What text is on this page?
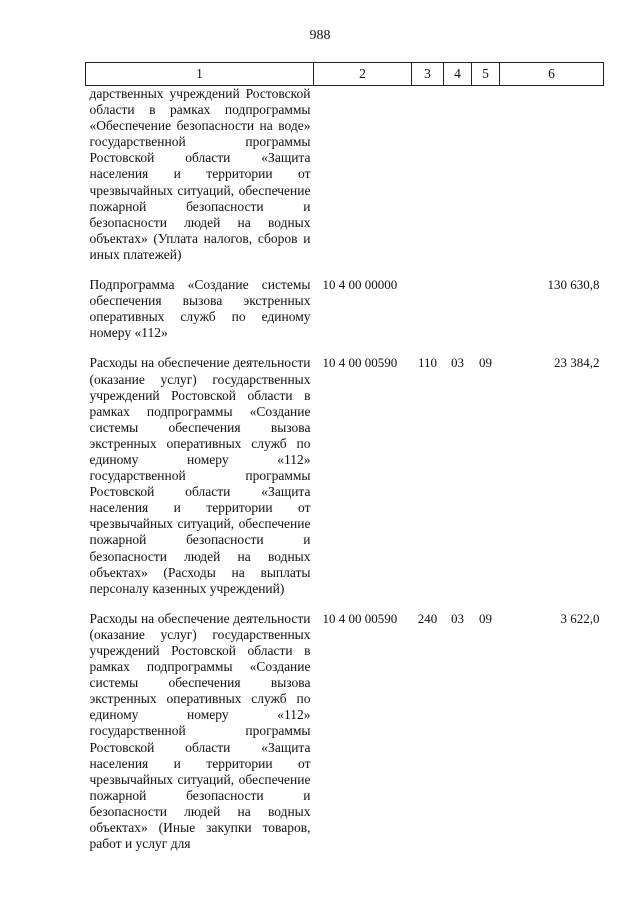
988
1	2	3	4	5	6
дарственных учреждений Ростовской области в рамках подпрограммы «Обеспечение безопасности на воде» государственной программы Ростовской области «Защита населения и территории от чрезвычайных ситуаций, обеспечение пожарной безопасности и безопасности людей на водных объектах» (Уплата налогов, сборов и иных платежей)					

Подпрограмма «Создание системы обеспечения вызова экстренных оперативных служб по единому номеру «112»	10 4 00 00000				130 630,8

Расходы на обеспечение деятельности (оказание услуг) государственных учреждений Ростовской области в рамках подпрограммы «Создание системы обеспечения вызова экстренных оперативных служб по единому номеру «112» государственной программы Ростовской области «Защита населения и территории от чрезвычайных ситуаций, обеспечение пожарной безопасности и безопасности людей на водных объектах» (Расходы на выплаты персоналу казенных учреждений)	10 4 00 00590	110	03	09	23 384,2

Расходы на обеспечение деятельности (оказание услуг) государственных учреждений Ростовской области в рамках подпрограммы «Создание системы обеспечения вызова экстренных оперативных служб по единому номеру «112» государственной программы Ростовской области «Защита населения и территории от чрезвычайных ситуаций, обеспечение пожарной безопасности и безопасности людей на водных объектах» (Иные закупки товаров, работ и услуг для	10 4 00 00590	240	03	09	3 622,0
